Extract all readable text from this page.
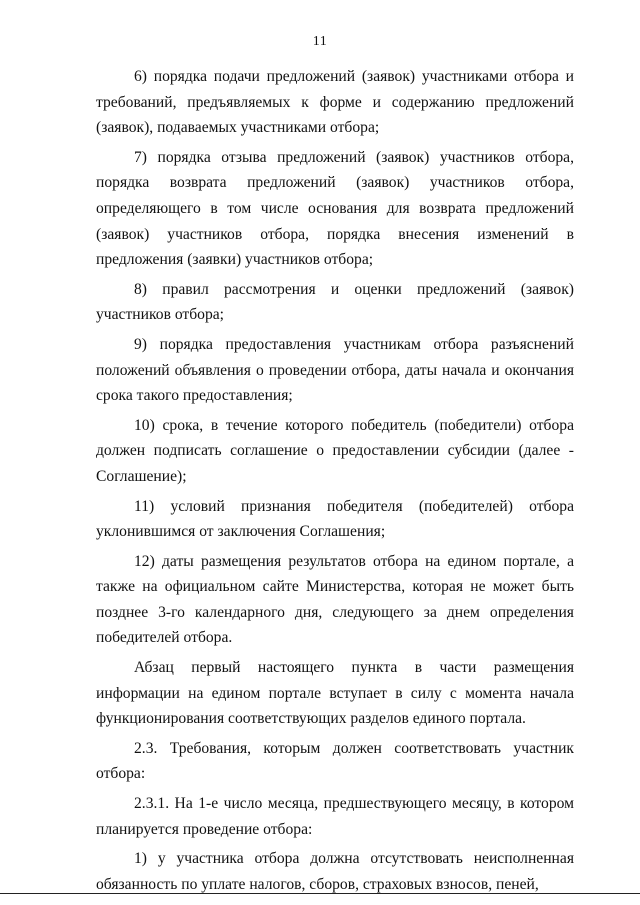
11

6) порядка подачи предложений (заявок) участниками отбора и требований, предъявляемых к форме и содержанию предложений (заявок), подаваемых участниками отбора;

7) порядка отзыва предложений (заявок) участников отбора, порядка возврата предложений (заявок) участников отбора, определяющего в том числе основания для возврата предложений (заявок) участников отбора, порядка внесения изменений в предложения (заявки) участников отбора;

8) правил рассмотрения и оценки предложений (заявок) участников отбора;

9) порядка предоставления участникам отбора разъяснений положений объявления о проведении отбора, даты начала и окончания срока такого предоставления;

10) срока, в течение которого победитель (победители) отбора должен подписать соглашение о предоставлении субсидии (далее - Соглашение);

11) условий признания победителя (победителей) отбора уклонившимся от заключения Соглашения;

12) даты размещения результатов отбора на едином портале, а также на официальном сайте Министерства, которая не может быть позднее 3-го календарного дня, следующего за днем определения победителей отбора.

Абзац первый настоящего пункта в части размещения информации на едином портале вступает в силу с момента начала функционирования соответствующих разделов единого портала.

2.3. Требования, которым должен соответствовать участник отбора:

2.3.1. На 1-е число месяца, предшествующего месяцу, в котором планируется проведение отбора:

1) у участника отбора должна отсутствовать неисполненная обязанность по уплате налогов, сборов, страховых взносов, пеней,
